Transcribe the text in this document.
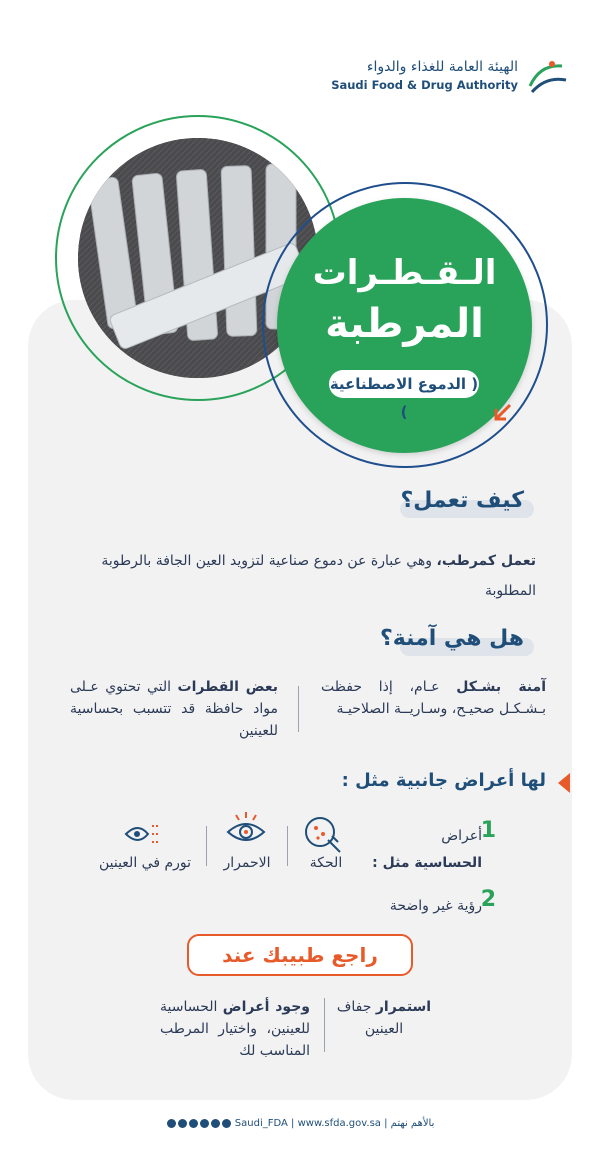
الهيئة العامة للغذاء والدواء
Saudi Food & Drug Authority
الـقـطـرات
المرطبة
( الدموع الاصطناعية )
كيف تعمل؟
تعمل كمرطب، وهي عبارة عن دموع صناعية لتزويد العين الجافة بالرطوبة المطلوبة
هل هي آمنة؟
آمنة بشـكل عـام، إذا حفظت بـشـكـل صحيـح، وسـاريــة الصلاحيـة
بعض القطرات التي تحتوي عـلى مواد حافظة قد تتسبب بحساسية للعينين
لها أعراض جانبية مثل :
1
أعراض
الحساسية مثل :
الحكة
الاحمرار
تورم في العينين
2
رؤية غير واضحة
راجع طبيبك عند
استمرار جفاف العينين
وجود أعراض الحساسية للعينين، واختيار المرطب المناسب لك
Saudi_FDA | www.sfda.gov.sa | بالأهم نهتم
